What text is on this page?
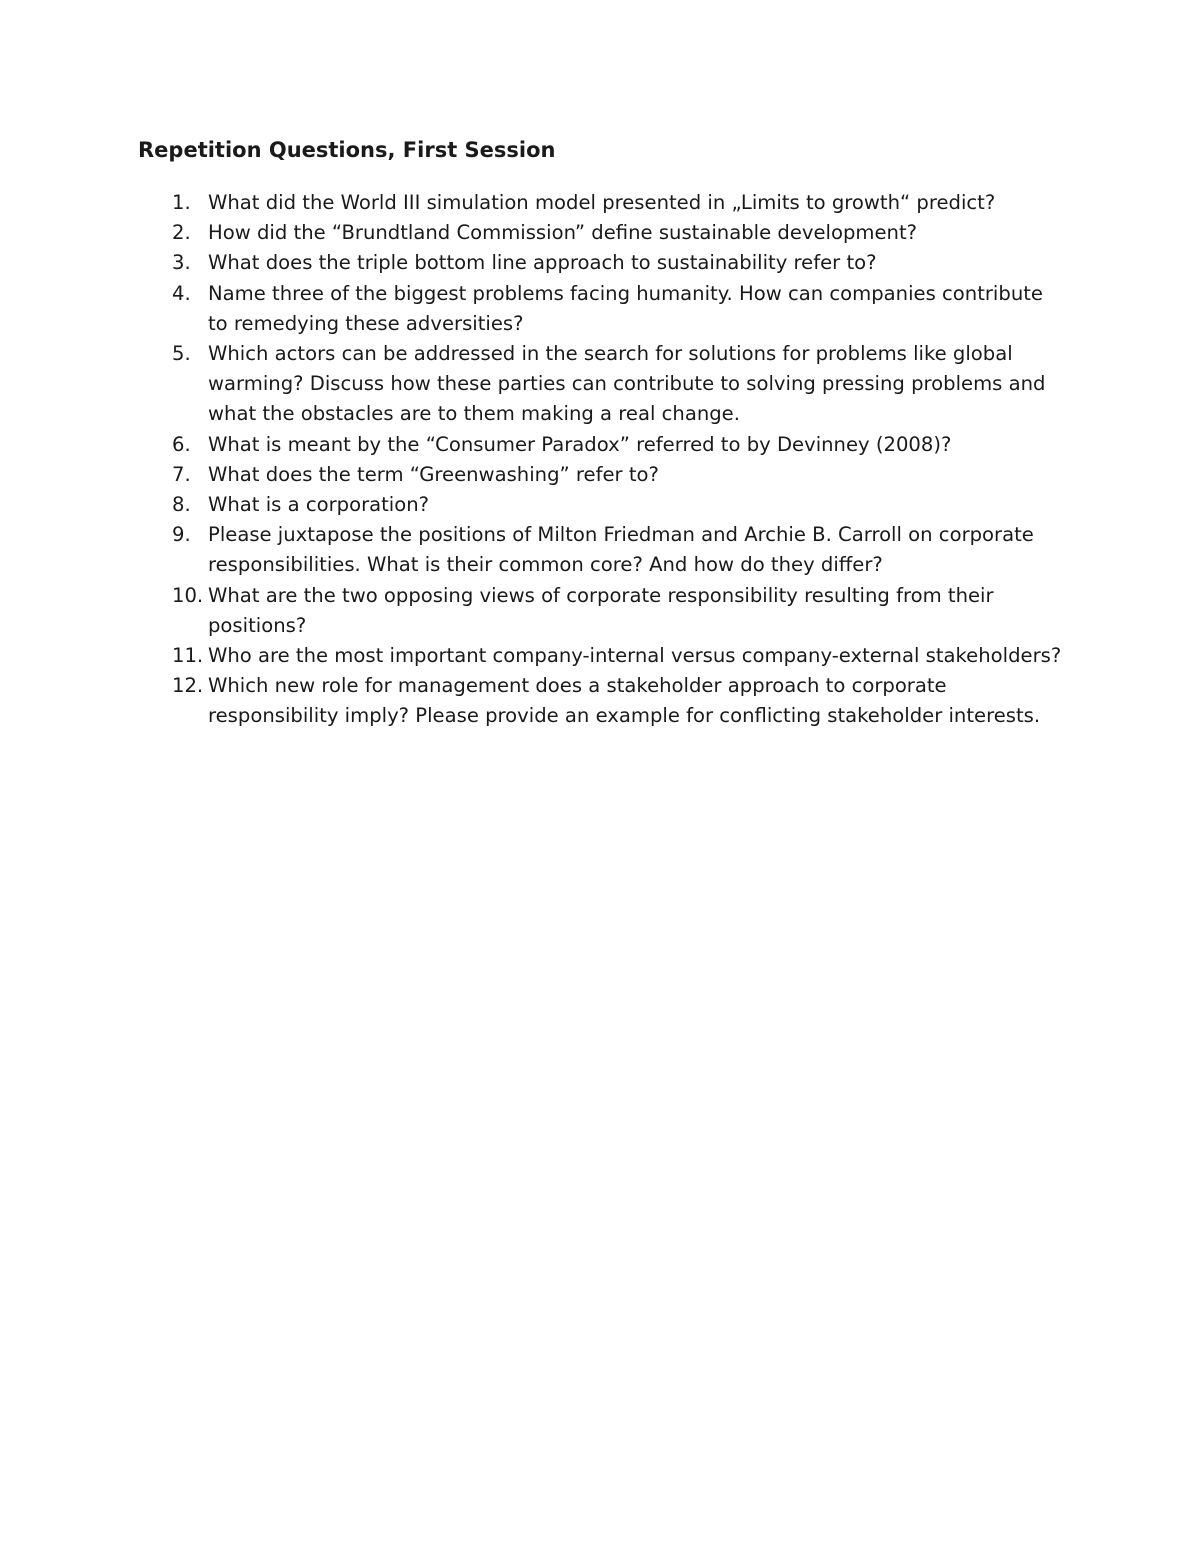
Repetition Questions, First Session
1. What did the World III simulation model presented in „Limits to growth“ predict?
2. How did the “Brundtland Commission” define sustainable development?
3. What does the triple bottom line approach to sustainability refer to?
4. Name three of the biggest problems facing humanity. How can companies contribute to remedying these adversities?
5. Which actors can be addressed in the search for solutions for problems like global warming? Discuss how these parties can contribute to solving pressing problems and what the obstacles are to them making a real change.
6. What is meant by the “Consumer Paradox” referred to by Devinney (2008)?
7. What does the term “Greenwashing” refer to?
8. What is a corporation?
9. Please juxtapose the positions of Milton Friedman and Archie B. Carroll on corporate responsibilities. What is their common core? And how do they differ?
10. What are the two opposing views of corporate responsibility resulting from their positions?
11. Who are the most important company-internal versus company-external stakeholders?
12. Which new role for management does a stakeholder approach to corporate responsibility imply? Please provide an example for conflicting stakeholder interests.
